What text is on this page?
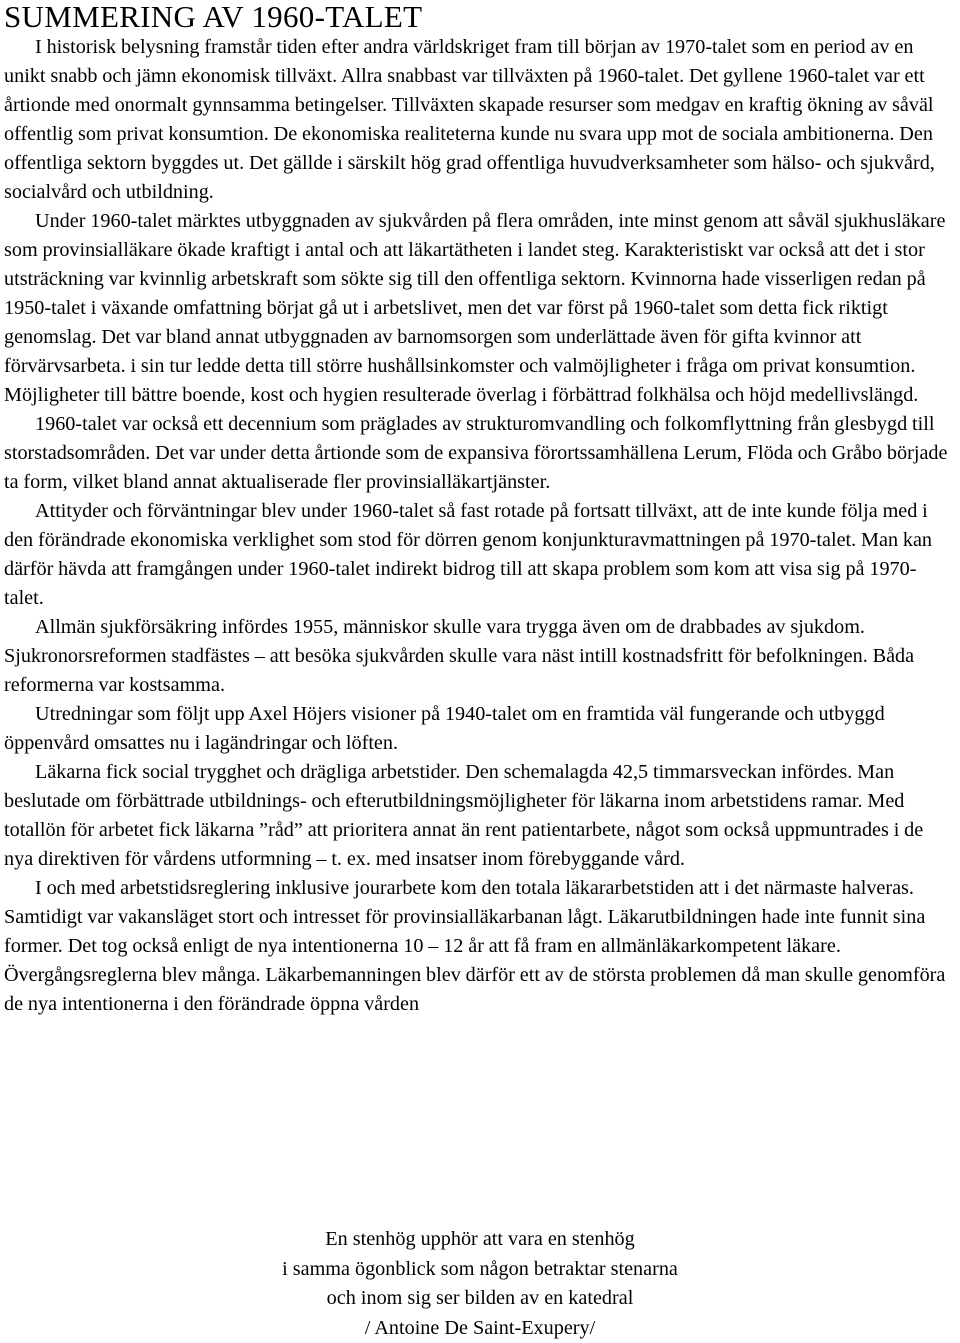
SUMMERING AV 1960-TALET

I historisk belysning framstår tiden efter andra världskriget fram till början av 1970-talet som en period av en unikt snabb och jämn ekonomisk tillväxt. Allra snabbast var tillväxten på 1960-talet. Det gyllene 1960-talet var ett årtionde med onormalt gynnsamma betingelser. Tillväxten skapade resurser som medgav en kraftig ökning av såväl offentlig som privat konsumtion. De ekonomiska realiteterna kunde nu svara upp mot de sociala ambitionerna. Den offentliga sektorn byggdes ut. Det gällde i särskilt hög grad offentliga huvudverksamheter som hälso- och sjukvård, socialvård och utbildning.

Under 1960-talet märktes utbyggnaden av sjukvården på flera områden, inte minst genom att såväl sjukhusläkare som provinsialläkare ökade kraftigt i antal och att läkartätheten i landet steg. Karakteristiskt var också att det i stor utsträckning var kvinnlig arbetskraft som sökte sig till den offentliga sektorn. Kvinnorna hade visserligen redan på 1950-talet i växande omfattning börjat gå ut i arbetslivet, men det var först på 1960-talet som detta fick riktigt genomslag. Det var bland annat utbyggnaden av barnomsorgen som underlättade även för gifta kvinnor att förvärvsarbeta. i sin tur ledde detta till större hushållsinkomster och valmöjligheter i fråga om privat konsumtion. Möjligheter till bättre boende, kost och hygien resulterade överlag i förbättrad folkhälsa och höjd medellivslängd.

1960-talet var också ett decennium som präglades av strukturomvandling och folkomflyttning från glesbygd till storstadsområden. Det var under detta årtionde som de expansiva förortssamhällena Lerum, Flöda och Gråbo började ta form, vilket bland annat aktualiserade fler provinsialläkartjänster.

Attityder och förväntningar blev under 1960-talet så fast rotade på fortsatt tillväxt, att de inte kunde följa med i den förändrade ekonomiska verklighet som stod för dörren genom konjunkturavmattningen på 1970-talet. Man kan därför hävda att framgången under 1960-talet indirekt bidrog till att skapa problem som kom att visa sig på 1970-talet.

Allmän sjukförsäkring infördes 1955, människor skulle vara trygga även om de drabbades av sjukdom. Sjukronorsreformen stadfästes – att besöka sjukvården skulle vara näst intill kostnadsfritt för befolkningen. Båda reformerna var kostsamma.

Utredningar som följt upp Axel Höjers visioner på 1940-talet om en framtida väl fungerande och utbyggd öppenvård omsattes nu i lagändringar och löften.

Läkarna fick social trygghet och drägliga arbetstider. Den schemalagda 42,5 timmarsveckan infördes. Man beslutade om förbättrade utbildnings- och efterutbildningsmöjligheter för läkarna inom arbetstidens ramar. Med totallön för arbetet fick läkarna ”råd” att prioritera annat än rent patientarbete, något som också uppmuntrades i de nya direktiven för vårdens utformning – t. ex. med insatser inom förebyggande vård.

I och med arbetstidsreglering inklusive jourarbete kom den totala läkararbetstiden att i det närmaste halveras. Samtidigt var vakansläget stort och intresset för provinsialläkarbanan lågt. Läkarutbildningen hade inte funnit sina former. Det tog också enligt de nya intentionerna 10 – 12 år att få fram en allmänläkarkompetent läkare. Övergångsreglerna blev många. Läkarbemanningen blev därför ett av de största problemen då man skulle genomföra de nya intentionerna i den förändrade öppna vården

En stenhög upphör att vara en stenhög
i samma ögonblick som någon betraktar stenarna
och inom sig ser bilden av en katedral
/ Antoine De Saint-Exupery/
